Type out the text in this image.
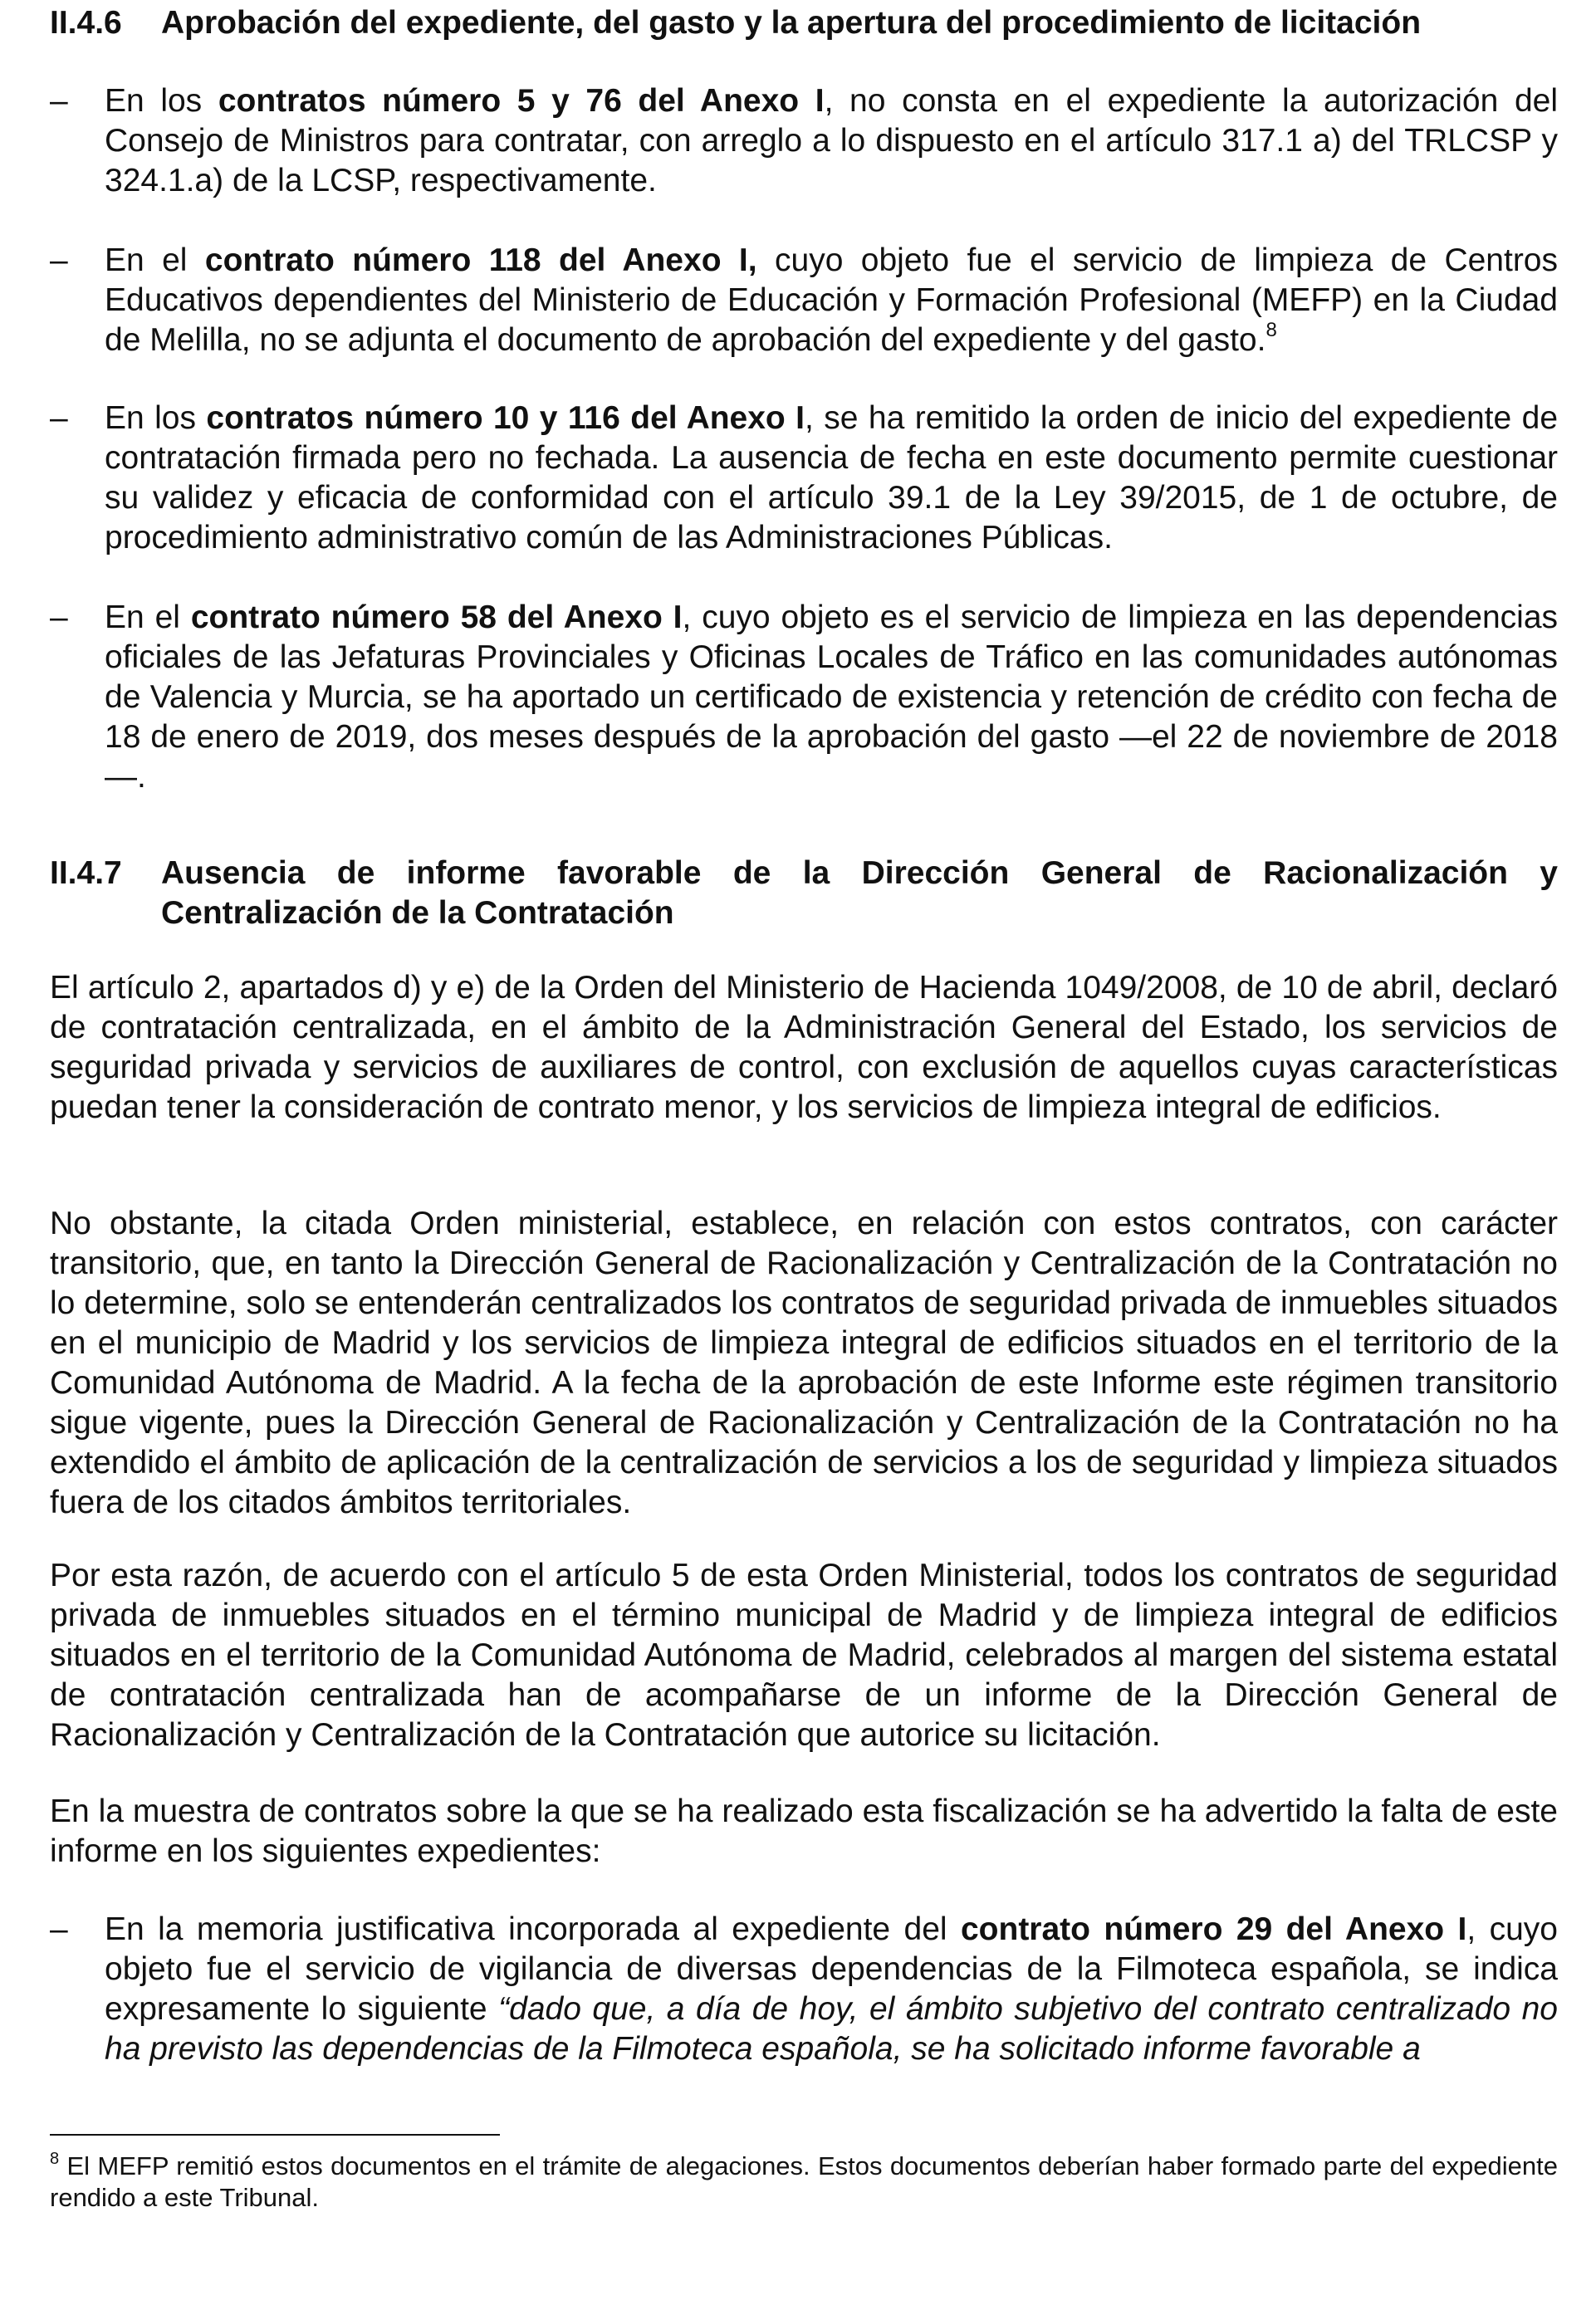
II.4.6 Aprobación del expediente, del gasto y la apertura del procedimiento de licitación
– En los contratos número 5 y 76 del Anexo I, no consta en el expediente la autorización del Consejo de Ministros para contratar, con arreglo a lo dispuesto en el artículo 317.1 a) del TRLCSP y 324.1.a) de la LCSP, respectivamente.
– En el contrato número 118 del Anexo I, cuyo objeto fue el servicio de limpieza de Centros Educativos dependientes del Ministerio de Educación y Formación Profesional (MEFP) en la Ciudad de Melilla, no se adjunta el documento de aprobación del expediente y del gasto.$^8$
– En los contratos número 10 y 116 del Anexo I, se ha remitido la orden de inicio del expediente de contratación firmada pero no fechada. La ausencia de fecha en este documento permite cuestionar su validez y eficacia de conformidad con el artículo 39.1 de la Ley 39/2015, de 1 de octubre, de procedimiento administrativo común de las Administraciones Públicas.
– En el contrato número 58 del Anexo I, cuyo objeto es el servicio de limpieza en las dependencias oficiales de las Jefaturas Provinciales y Oficinas Locales de Tráfico en las comunidades autónomas de Valencia y Murcia, se ha aportado un certificado de existencia y retención de crédito con fecha de 18 de enero de 2019, dos meses después de la aprobación del gasto —el 22 de noviembre de 2018—.
II.4.7 Ausencia de informe favorable de la Dirección General de Racionalización y Centralización de la Contratación
El artículo 2, apartados d) y e) de la Orden del Ministerio de Hacienda 1049/2008, de 10 de abril, declaró de contratación centralizada, en el ámbito de la Administración General del Estado, los servicios de seguridad privada y servicios de auxiliares de control, con exclusión de aquellos cuyas características puedan tener la consideración de contrato menor, y los servicios de limpieza integral de edificios.
No obstante, la citada Orden ministerial, establece, en relación con estos contratos, con carácter transitorio, que, en tanto la Dirección General de Racionalización y Centralización de la Contratación no lo determine, solo se entenderán centralizados los contratos de seguridad privada de inmuebles situados en el municipio de Madrid y los servicios de limpieza integral de edificios situados en el territorio de la Comunidad Autónoma de Madrid. A la fecha de la aprobación de este Informe este régimen transitorio sigue vigente, pues la Dirección General de Racionalización y Centralización de la Contratación no ha extendido el ámbito de aplicación de la centralización de servicios a los de seguridad y limpieza situados fuera de los citados ámbitos territoriales.
Por esta razón, de acuerdo con el artículo 5 de esta Orden Ministerial, todos los contratos de seguridad privada de inmuebles situados en el término municipal de Madrid y de limpieza integral de edificios situados en el territorio de la Comunidad Autónoma de Madrid, celebrados al margen del sistema estatal de contratación centralizada han de acompañarse de un informe de la Dirección General de Racionalización y Centralización de la Contratación que autorice su licitación.
En la muestra de contratos sobre la que se ha realizado esta fiscalización se ha advertido la falta de este informe en los siguientes expedientes:
– En la memoria justificativa incorporada al expediente del contrato número 29 del Anexo I, cuyo objeto fue el servicio de vigilancia de diversas dependencias de la Filmoteca española, se indica expresamente lo siguiente “dado que, a día de hoy, el ámbito subjetivo del contrato centralizado no ha previsto las dependencias de la Filmoteca española, se ha solicitado informe favorable a
$^8$ El MEFP remitió estos documentos en el trámite de alegaciones. Estos documentos deberían haber formado parte del expediente rendido a este Tribunal.
